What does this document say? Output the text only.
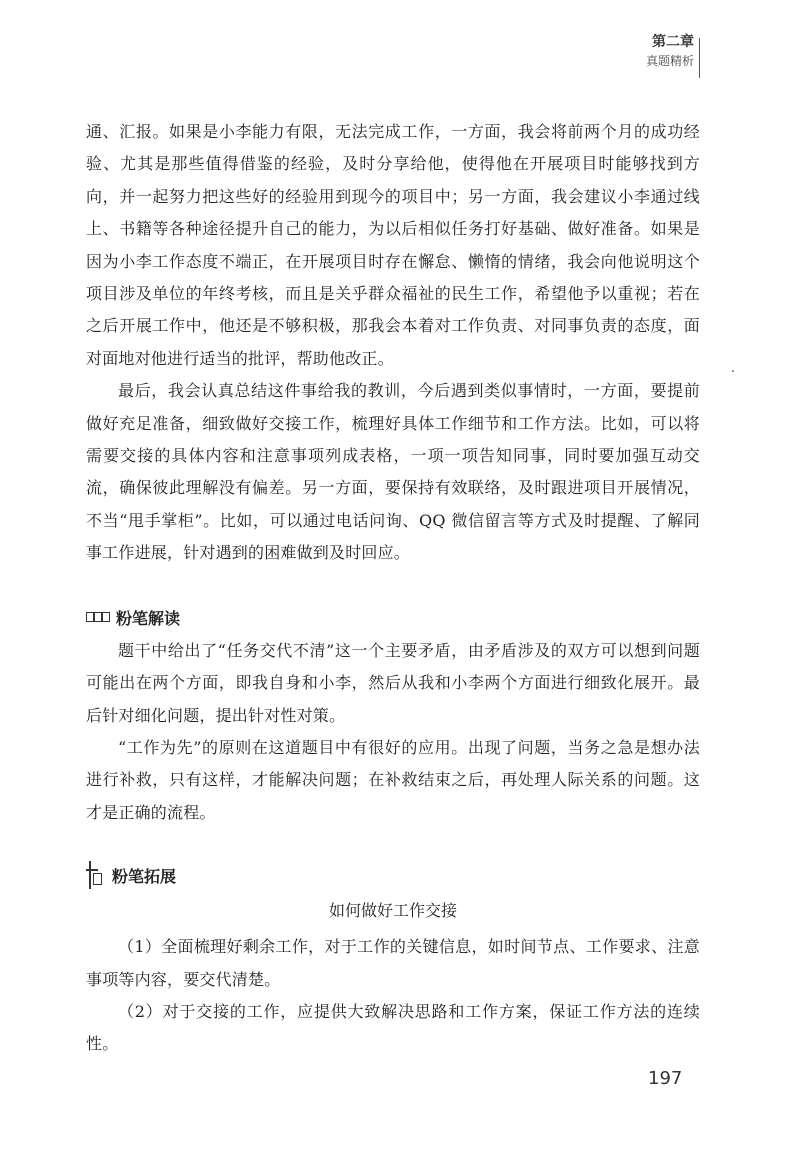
第二章
真题精析

通、汇报。如果是小李能力有限，无法完成工作，一方面，我会将前两个月的成功经验、尤其是那些值得借鉴的经验，及时分享给他，使得他在开展项目时能够找到方向，并一起努力把这些好的经验用到现今的项目中；另一方面，我会建议小李通过线上、书籍等各种途径提升自己的能力，为以后相似任务打好基础、做好准备。如果是因为小李工作态度不端正，在开展项目时存在懈怠、懒惰的情绪，我会向他说明这个项目涉及单位的年终考核，而且是关乎群众福祉的民生工作，希望他予以重视；若在之后开展工作中，他还是不够积极，那我会本着对工作负责、对同事负责的态度，面对面地对他进行适当的批评，帮助他改正。

最后，我会认真总结这件事给我的教训，今后遇到类似事情时，一方面，要提前做好充足准备，细致做好交接工作，梳理好具体工作细节和工作方法。比如，可以将需要交接的具体内容和注意事项列成表格，一项一项告知同事，同时要加强互动交流，确保彼此理解没有偏差。另一方面，要保持有效联络，及时跟进项目开展情况，不当“甩手掌柜”。比如，可以通过电话问询、QQ 微信留言等方式及时提醒、了解同事工作进展，针对遇到的困难做到及时回应。

粉笔解读

题干中给出了“任务交代不清”这一个主要矛盾，由矛盾涉及的双方可以想到问题可能出在两个方面，即我自身和小李，然后从我和小李两个方面进行细致化展开。最后针对细化问题，提出针对性对策。

“工作为先”的原则在这道题目中有很好的应用。出现了问题，当务之急是想办法进行补救，只有这样，才能解决问题；在补救结束之后，再处理人际关系的问题。这才是正确的流程。

粉笔拓展
如何做好工作交接

（1）全面梳理好剩余工作，对于工作的关键信息，如时间节点、工作要求、注意事项等内容，要交代清楚。

（2）对于交接的工作，应提供大致解决思路和工作方案，保证工作方法的连续性。

197
